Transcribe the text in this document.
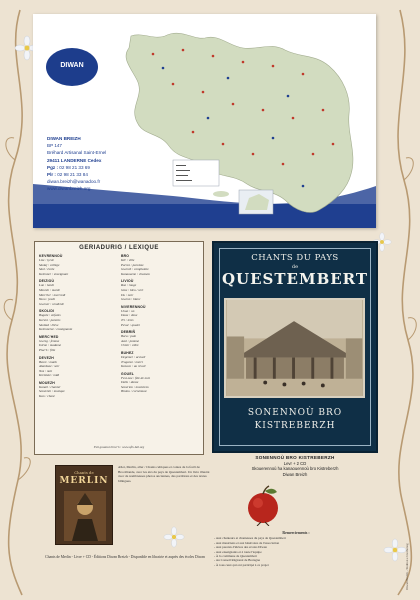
DIWAN
DIWAN BREIZH
BP 147
Bréhard Artisanal Saint-Ernel
29411 LANDERNE Cedex
Pgz : 02 98 21 33 69
Plr : 02 98 21 33 84
diwan.breizh@wanadoo.fr
www.diwanbreizh.org
GERIADURIG / LEXIQUE
KEVRENNOÙ
Lise : lycée
Skolaj : collège
Skol : école
Kelenner : enseignant
DEIZIOÙ
Lun : lundi
Meurzh : mardi
Merc'her : mercredi
Yaou : jeudi
Gwener : vendredi
SKOLIDI
Bugale : enfants
Kerent : parents
Skoliad : élève
Kelennerez : enseignante
MERC'HED
Gwreg : femme
Intron : madame
Plac'h : fille
DEVEZH
Beure : matin
Abardaez : soir
Noz : nuit
Kreisteiz : midi
MOUEZH
Kanañ : chanter
Sonerezh : musique
Kan : chant
BRO
Kêr : ville
Parrez : paroisse
Gwerzh : complainte
Kanaouenn : chanson
LIVIOÙ
Ruz : rouge
Glas : bleu / vert
Du : noir
Gwenn : blanc
NIVERENNOÙ
Unan : un
Daou : deux
Tri : trois
Pevar : quatre
DEBRIÑ
Bara : pain
Aval : pomme
Chistr : cidre
BUHEZ
Degemer : accueil
Trugarez : merci
Kenavo : au revoir
GOUEL
Fest-noz : fête de nuit
Dañs : danse
Sonerion : musiciens
Biniou : cornemuse
Evit gouzout hiroc'h : www.ofis-bzh.org
CHANTS DU PAYS
de
QUESTEMBERT
SONENNOÙ BRO
KISTREBERZH
SONENNOÙ BRO KISTREBERZH
Levr + 2 CD
Skouerennoù ha kanaouennoù bro Kistreberzh
Diwan Breizh
Chants de
MERLIN
Aller, Merlin, aller / Chants celtiques et contes de la forêt de Brocéliande, avec les airs du pays de Questembert. Un livre illustré avec de nombreuses photos anciennes, des partitions et des textes bilingues.
Chants de Merlin - Livre + CD - Éditions Diwan Breizh - Disponible en librairie et auprès des écoles Diwan
Remerciements :
- Aux chanteurs et chanteuses du pays de Questembert
- Aux musiciens et aux bénévoles de l'association
- Aux parents d'élèves des écoles Diwan
- Aux enseignants et à toute l'équipe
- À la commune de Questembert
- Au Conseil Régional de Bretagne
- À tous ceux qui ont participé à ce projet	Diwan Breizh - Skolioù e brezhoneg
